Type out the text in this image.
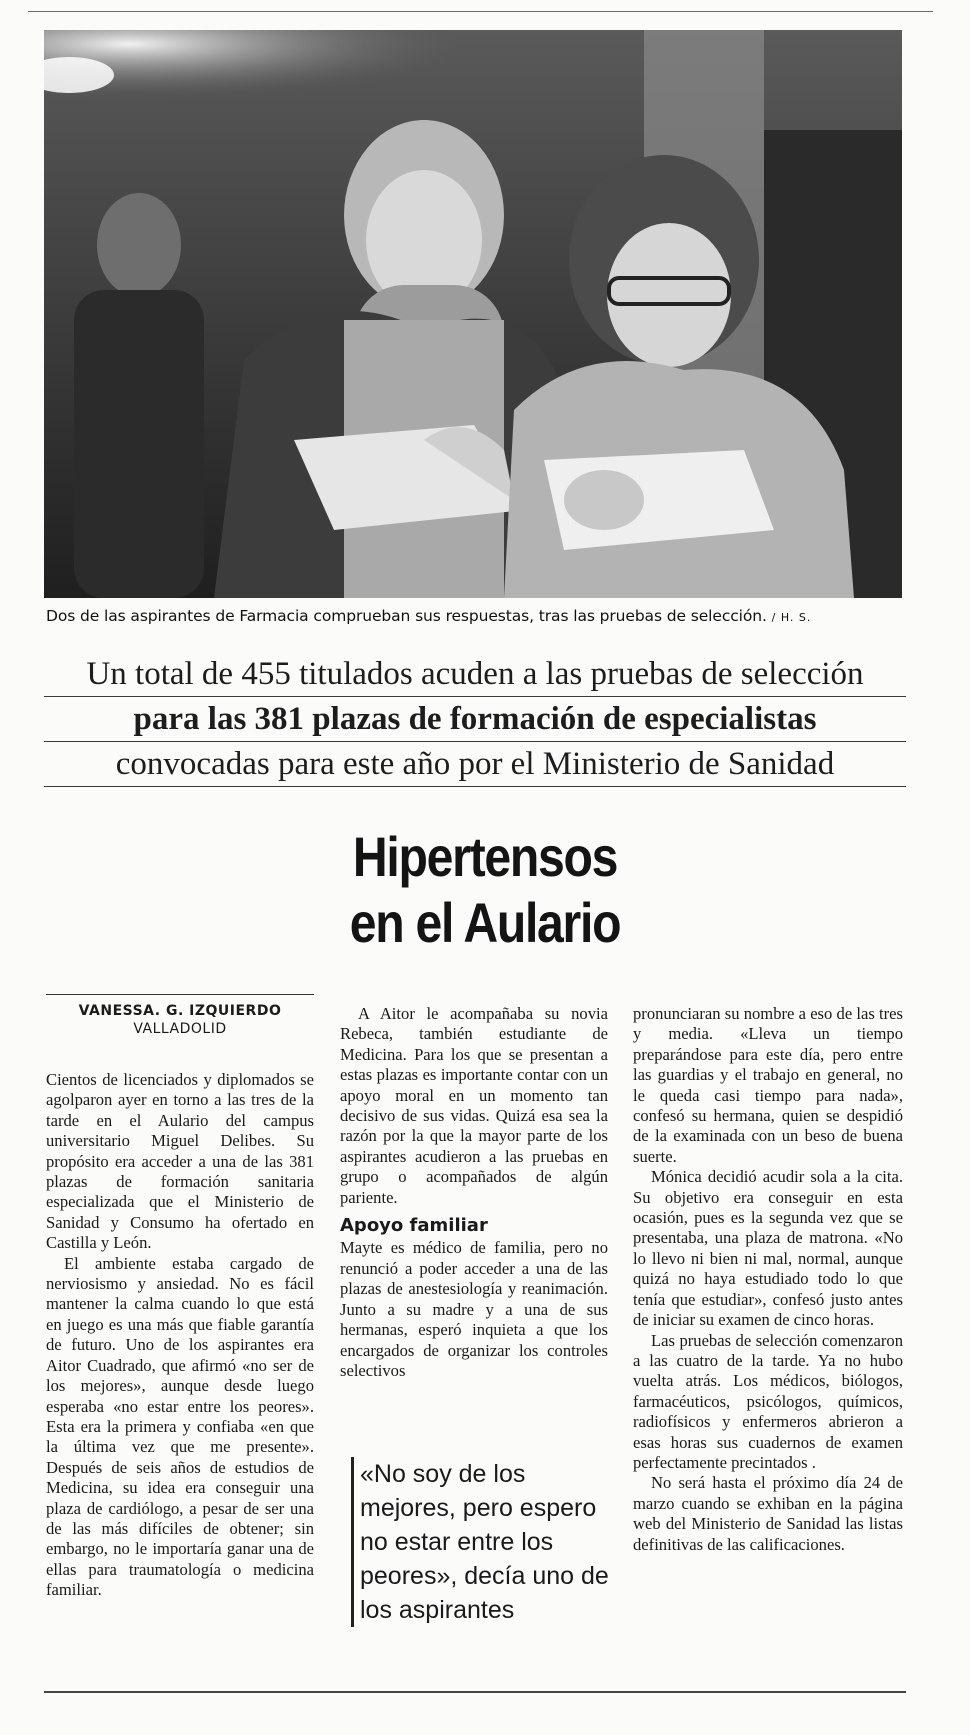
Dos de las aspirantes de Farmacia comprueban sus respuestas, tras las pruebas de selección. / H. S.
Un total de 455 titulados acuden a las pruebas de selección
para las 381 plazas de formación de especialistas
convocadas para este año por el Ministerio de Sanidad
Hipertensos
en el Aulario
VANESSA. G. IZQUIERDO
VALLADOLID

Cientos de licenciados y diplomados se agolparon ayer en torno a las tres de la tarde en el Aulario del campus universitario Miguel Delibes. Su propósito era acceder a una de las 381 plazas de formación sanitaria especializada que el Ministerio de Sanidad y Consumo ha ofertado en Castilla y León.

El ambiente estaba cargado de nerviosismo y ansiedad. No es fácil mantener la calma cuando lo que está en juego es una más que fiable garantía de futuro. Uno de los aspirantes era Aitor Cuadrado, que afirmó «no ser de los mejores», aunque desde luego esperaba «no estar entre los peores». Esta era la primera y confiaba «en que la última vez que me presente». Después de seis años de estudios de Medicina, su idea era conseguir una plaza de cardiólogo, a pesar de ser una de las más difíciles de obtener; sin embargo, no le importaría ganar una de ellas para traumatología o medicina familiar.

A Aitor le acompañaba su novia Rebeca, también estudiante de Medicina. Para los que se presentan a estas plazas es importante contar con un apoyo moral en un momento tan decisivo de sus vidas. Quizá esa sea la razón por la que la mayor parte de los aspirantes acudieron a las pruebas en grupo o acompañados de algún pariente.

Apoyo familiar

Mayte es médico de familia, pero no renunció a poder acceder a una de las plazas de anestesiología y reanimación. Junto a su madre y a una de sus hermanas, esperó inquieta a que los encargados de organizar los controles selectivos

«No soy de los mejores, pero espero no estar entre los peores», decía uno de los aspirantes

pronunciaran su nombre a eso de las tres y media. «Lleva un tiempo preparándose para este día, pero entre las guardias y el trabajo en general, no le queda casi tiempo para nada», confesó su hermana, quien se despidió de la examinada con un beso de buena suerte.

Mónica decidió acudir sola a la cita. Su objetivo era conseguir en esta ocasión, pues es la segunda vez que se presentaba, una plaza de matrona. «No lo llevo ni bien ni mal, normal, aunque quizá no haya estudiado todo lo que tenía que estudiar», confesó justo antes de iniciar su examen de cinco horas.

Las pruebas de selección comenzaron a las cuatro de la tarde. Ya no hubo vuelta atrás. Los médicos, biólogos, farmacéuticos, psicólogos, químicos, radiofísicos y enfermeros abrieron a esas horas sus cuadernos de examen perfectamente precintados .

No será hasta el próximo día 24 de marzo cuando se exhiban en la página web del Ministerio de Sanidad las listas definitivas de las calificaciones.
